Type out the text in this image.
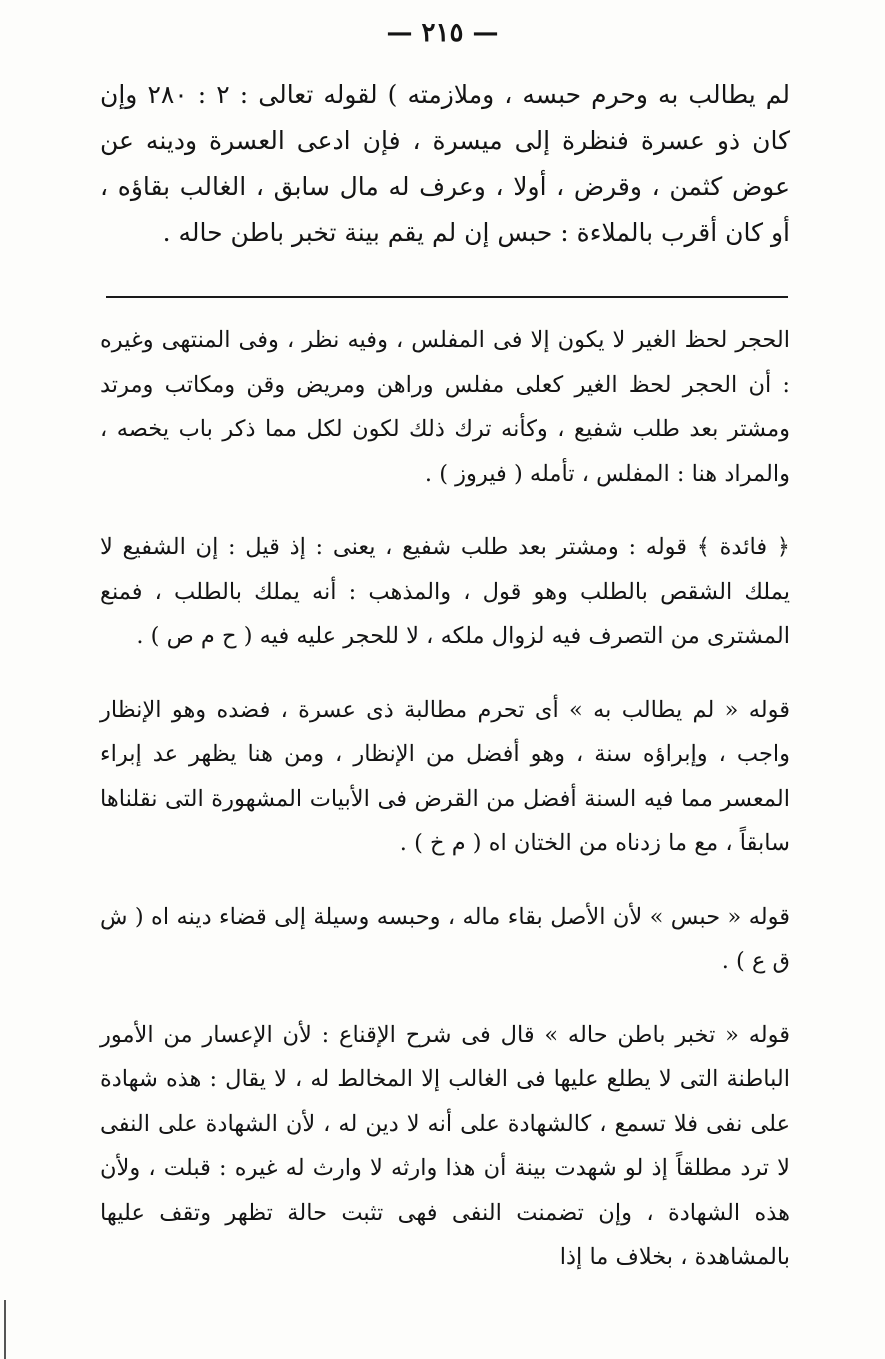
— ٢١٥ —
لم يطالب به وحرم حبسه ، وملازمته ) لقوله تعالى : ٢ : ٢٨٠ وإن كان ذو عسرة فنظرة إلى ميسرة ، فإن ادعى العسرة ودينه عن عوض كثمن ، وقرض ، أولا ، وعرف له مال سابق ، الغالب بقاؤه ، أو كان أقرب بالملاءة : حبس إن لم يقم بينة تخبر باطن حاله .

الحجر لحظ الغير لا يكون إلا فى المفلس ، وفيه نظر ، وفى المنتهى وغيره : أن الحجر لحظ الغير كعلى مفلس وراهن ومريض وقن ومكاتب ومرتد ومشتر بعد طلب شفيع ، وكأنه ترك ذلك لكون لكل مما ذكر باب يخصه ، والمراد هنا : المفلس ، تأمله ( فيروز ) .

﴿ فائدة ﴾ قوله : ومشتر بعد طلب شفيع ، يعنى : إذ قيل : إن الشفيع لا يملك الشقص بالطلب وهو قول ، والمذهب : أنه يملك بالطلب ، فمنع المشترى من التصرف فيه لزوال ملكه ، لا للحجر عليه فيه ( ح م ص ) .

قوله « لم يطالب به » أى تحرم مطالبة ذى عسرة ، فضده وهو الإنظار واجب ، وإبراؤه سنة ، وهو أفضل من الإنظار ، ومن هنا يظهر عد إبراء المعسر مما فيه السنة أفضل من القرض فى الأبيات المشهورة التى نقلناها سابقاً ، مع ما زدناه من الختان اه ( م خ ) .

قوله « حبس » لأن الأصل بقاء ماله ، وحبسه وسيلة إلى قضاء دينه اه ( ش ق ع ) .

قوله « تخبر باطن حاله » قال فى شرح الإقناع : لأن الإعسار من الأمور الباطنة التى لا يطلع عليها فى الغالب إلا المخالط له ، لا يقال : هذه شهادة على نفى فلا تسمع ، كالشهادة على أنه لا دين له ، لأن الشهادة على النفى لا ترد مطلقاً إذ لو شهدت بينة أن هذا وارثه لا وارث له غيره : قبلت ، ولأن هذه الشهادة ، وإن تضمنت النفى فهى تثبت حالة تظهر وتقف عليها بالمشاهدة ، بخلاف ما إذا
